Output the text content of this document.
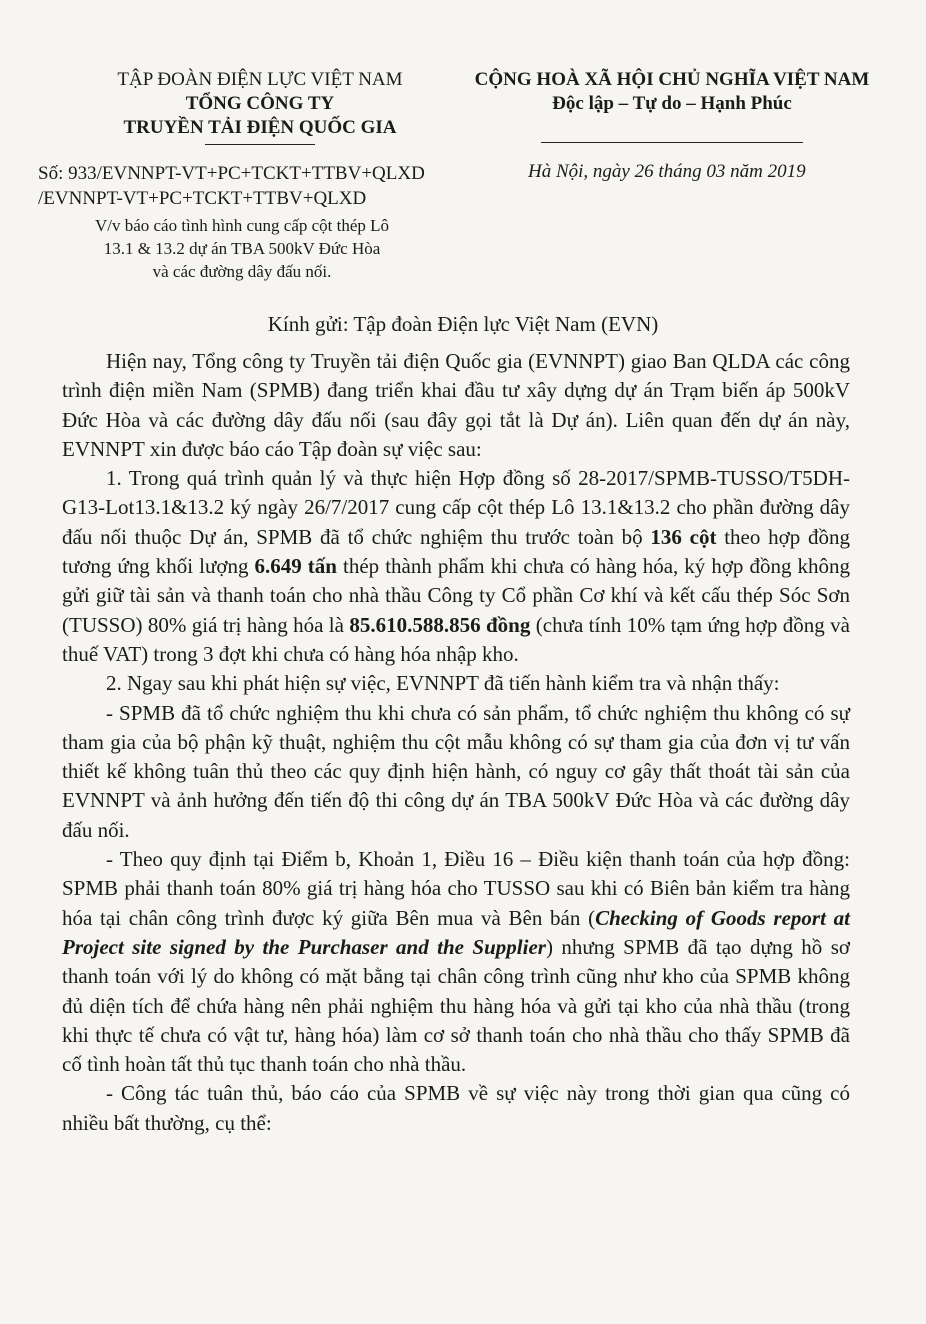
TẬP ĐOÀN ĐIỆN LỰC VIỆT NAM
TỔNG CÔNG TY
TRUYỀN TẢI ĐIỆN QUỐC GIA
CỘNG HOÀ XÃ HỘI CHỦ NGHĨA VIỆT NAM
Độc lập – Tự do – Hạnh Phúc
Số: 933/EVNNPT-VT+PC+TCKT+TTBV+QLXD
/EVNNPT-VT+PC+TCKT+TTBV+QLXD
Hà Nội, ngày 26 tháng 03 năm 2019
V/v báo cáo tình hình cung cấp cột thép Lô
13.1 & 13.2 dự án TBA 500kV Đức Hòa
và các đường dây đấu nối.
Kính gửi: Tập đoàn Điện lực Việt Nam (EVN)

Hiện nay, Tổng công ty Truyền tải điện Quốc gia (EVNNPT) giao Ban QLDA các công trình điện miền Nam (SPMB) đang triển khai đầu tư xây dựng dự án Trạm biến áp 500kV Đức Hòa và các đường dây đấu nối (sau đây gọi tắt là Dự án). Liên quan đến dự án này, EVNNPT xin được báo cáo Tập đoàn sự việc sau:

1. Trong quá trình quản lý và thực hiện Hợp đồng số 28-2017/SPMB-TUSSO/T5DH-G13-Lot13.1&13.2 ký ngày 26/7/2017 cung cấp cột thép Lô 13.1&13.2 cho phần đường dây đấu nối thuộc Dự án, SPMB đã tổ chức nghiệm thu trước toàn bộ 136 cột theo hợp đồng tương ứng khối lượng 6.649 tấn thép thành phẩm khi chưa có hàng hóa, ký hợp đồng không gửi giữ tài sản và thanh toán cho nhà thầu Công ty Cổ phần Cơ khí và kết cấu thép Sóc Sơn (TUSSO) 80% giá trị hàng hóa là 85.610.588.856 đồng (chưa tính 10% tạm ứng hợp đồng và thuế VAT) trong 3 đợt khi chưa có hàng hóa nhập kho.

2. Ngay sau khi phát hiện sự việc, EVNNPT đã tiến hành kiểm tra và nhận thấy:

- SPMB đã tổ chức nghiệm thu khi chưa có sản phẩm, tổ chức nghiệm thu không có sự tham gia của bộ phận kỹ thuật, nghiệm thu cột mẫu không có sự tham gia của đơn vị tư vấn thiết kế không tuân thủ theo các quy định hiện hành, có nguy cơ gây thất thoát tài sản của EVNNPT và ảnh hưởng đến tiến độ thi công dự án TBA 500kV Đức Hòa và các đường dây đấu nối.

- Theo quy định tại Điểm b, Khoản 1, Điều 16 – Điều kiện thanh toán của hợp đồng: SPMB phải thanh toán 80% giá trị hàng hóa cho TUSSO sau khi có Biên bản kiểm tra hàng hóa tại chân công trình được ký giữa Bên mua và Bên bán (Checking of Goods report at Project site signed by the Purchaser and the Supplier) nhưng SPMB đã tạo dựng hồ sơ thanh toán với lý do không có mặt bằng tại chân công trình cũng như kho của SPMB không đủ diện tích để chứa hàng nên phải nghiệm thu hàng hóa và gửi tại kho của nhà thầu (trong khi thực tế chưa có vật tư, hàng hóa) làm cơ sở thanh toán cho nhà thầu cho thấy SPMB đã cố tình hoàn tất thủ tục thanh toán cho nhà thầu.

- Công tác tuân thủ, báo cáo của SPMB về sự việc này trong thời gian qua cũng có nhiều bất thường, cụ thể:
